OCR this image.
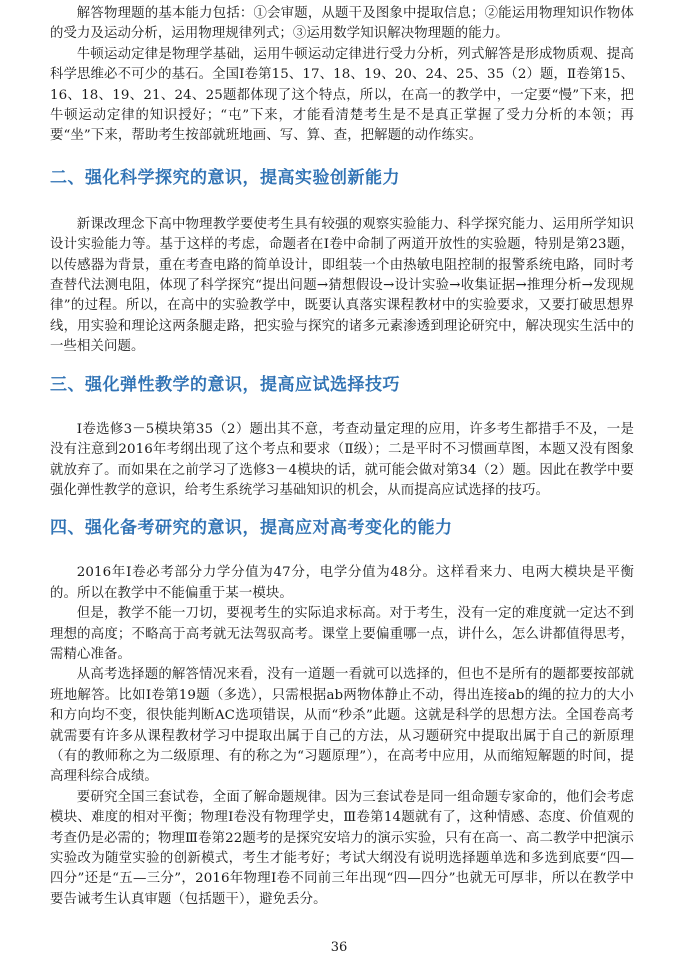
解答物理题的基本能力包括：①会审题，从题干及图象中提取信息；②能运用物理知识作物体的受力及运动分析，运用物理规律列式；③运用数学知识解决物理题的能力。

牛顿运动定律是物理学基础，运用牛顿运动定律进行受力分析，列式解答是形成物质观、提高科学思维必不可少的基石。全国Ⅰ卷第15、17、18、19、20、24、25、35（2）题，Ⅱ卷第15、16、18、19、21、24、25题都体现了这个特点，所以，在高一的教学中，一定要“慢”下来，把牛顿运动定律的知识授好；“屯”下来，才能看清楚考生是不是真正掌握了受力分析的本领；再要“坐”下来，帮助考生按部就班地画、写、算、查，把解题的动作练实。

二、强化科学探究的意识，提高实验创新能力

新课改理念下高中物理教学要使考生具有较强的观察实验能力、科学探究能力、运用所学知识设计实验能力等。基于这样的考虑，命题者在Ⅰ卷中命制了两道开放性的实验题，特别是第23题，以传感器为背景，重在考查电路的简单设计，即组装一个由热敏电阻控制的报警系统电路，同时考查替代法测电阻，体现了科学探究“提出问题→猜想假设→设计实验→收集证据→推理分析→发现规律”的过程。所以，在高中的实验教学中，既要认真落实课程教材中的实验要求，又要打破思想界线，用实验和理论这两条腿走路，把实验与探究的诸多元素渗透到理论研究中，解决现实生活中的一些相关问题。

三、强化弹性教学的意识，提高应试选择技巧

Ⅰ卷选修3－5模块第35（2）题出其不意，考查动量定理的应用，许多考生都措手不及，一是没有注意到2016年考纲出现了这个考点和要求（Ⅱ级）；二是平时不习惯画草图，本题又没有图象就放弃了。而如果在之前学习了选修3－4模块的话，就可能会做对第34（2）题。因此在教学中要强化弹性教学的意识，给考生系统学习基础知识的机会，从而提高应试选择的技巧。

四、强化备考研究的意识，提高应对高考变化的能力

2016年Ⅰ卷必考部分力学分值为47分，电学分值为48分。这样看来力、电两大模块是平衡的。所以在教学中不能偏重于某一模块。

但是，教学不能一刀切，要视考生的实际追求标高。对于考生，没有一定的难度就一定达不到理想的高度；不略高于高考就无法驾驭高考。课堂上要偏重哪一点，讲什么，怎么讲都值得思考，需精心准备。

从高考选择题的解答情况来看，没有一道题一看就可以选择的，但也不是所有的题都要按部就班地解答。比如Ⅰ卷第19题（多选），只需根据ab两物体静止不动，得出连接ab的绳的拉力的大小和方向均不变，很快能判断AC选项错误，从而“秒杀”此题。这就是科学的思想方法。全国卷高考就需要有许多从课程教材学习中提取出属于自己的方法，从习题研究中提取出属于自己的新原理（有的教师称之为二级原理、有的称之为“习题原理”），在高考中应用，从而缩短解题的时间，提高理科综合成绩。

要研究全国三套试卷，全面了解命题规律。因为三套试卷是同一组命题专家命的，他们会考虑模块、难度的相对平衡；物理Ⅰ卷没有物理学史，Ⅲ卷第14题就有了，这种情感、态度、价值观的考查仍是必需的；物理Ⅲ卷第22题考的是探究安培力的演示实验，只有在高一、高二教学中把演示实验改为随堂实验的创新模式，考生才能考好；考试大纲没有说明选择题单选和多选到底要“四—四分”还是“五—三分”，2016年物理Ⅰ卷不同前三年出现“四—四分”也就无可厚非，所以在教学中要告诫考生认真审题（包括题干），避免丢分。

36
